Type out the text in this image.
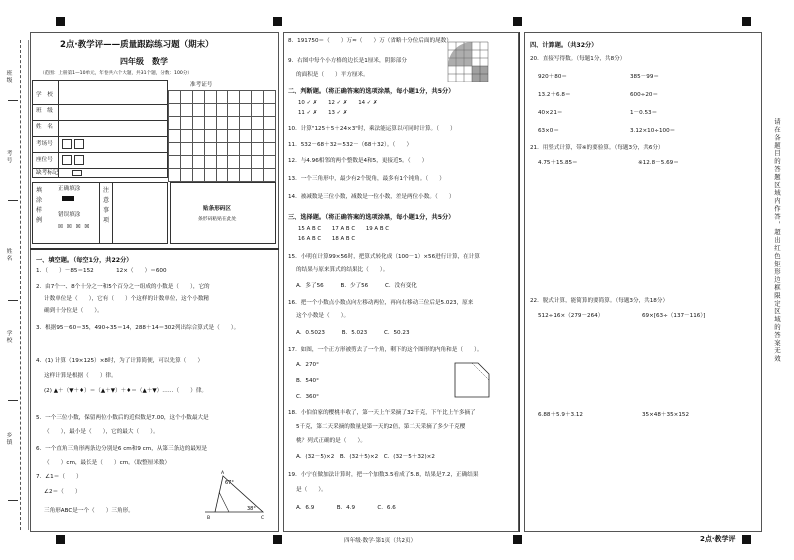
班级
考号
姓名
学校
乡镇
2点·教学评——质量跟踪练习题（期末）
四年级　数学
（范围：上册第1—10单元，年卷共六个大题，共31个题，分数：100分）
学　校
班　级
姓　名
考场号
座位号
缺考标记
准考证号

填涂样例
正确填涂
错误填涂
☒ ☒ ☒ ☒
注意事项
贴条形码区
条形码粘贴在此处
一、填空题。（每空1分，共22分）
1．（　　）－85＝152　　　　12×（　　）＝600
2．由7个一、8个十分之一和5个百分之一组成的小数是（　　），它的
计数单位是（　　），它有（　　）个这样的计数单位，这个小数精
确到十分位是（　　）。
3．根据95－60＝35，490÷35＝14，288＋14＝302列出综合算式是（　　）。
4．(1) 计算（19×125）×8时，为了计算简便，可以先算（　　）
这样计算是根据（　　）律。
(2) ▲＋（▼＋♦）＝（▲＋▼）＋♦＝（▲＋▼）……（　　）律。
5．一个三位小数，保留两位小数后的近似数是7.00，这个小数最大是
（　　），最小是（　　），它的最大（　　）。
6．一个直角三角形两条边分别是6 cm和9 cm，从第三条边的最短是
（　　）cm，最长是（　　）cm。（取整厘米数）
7．∠1＝（　　）
∠2＝（　　）
三角形ABC是一个（　　）三角形。
67°
38°
A
B	C
8．191750＝（　　）万≈（　　）万（省略十分位后面的尾数）
9．右图中每个小方格的边长是1厘米，阴影部分
的面积是（　　）平方厘米。
二、判断题。（将正确答案的选项涂黑，每小题1分，共5分）
10 ✓ ✗　　12 ✓ ✗　　14 ✓ ✗
11 ✓ ✗　　13 ✓ ✗
10．计算"125＋5＋24×3"时，乘法能运算以可同时计算。（　　）
11．532－68＋32＝532－（68＋32）。（　　）
12．与4.96相邻的两个整数是4和5，更接近5。（　　）
13．一个三角形中，最少有2个锐角，最多有1个钝角。（　　）
14．被减数是三位小数，减数是一位小数，差是两位小数。（　　）
三、选择题。（将正确答案的选项涂黑，每小题1分，共5分）
15 A B C　　17 A B C　　19 A B C
16 A B C　　18 A B C
15．小明在计算99×56时，把算式转化成（100－1）×56进行计算，在计算
的结果与原来算式的结果比（　　）。
A．多了56　　　B．少了56　　　C．没有变化
16．把一个小数点小数点向左移动两位，再向右移动三位后是5.023，原来
这个小数是（　　）。
A．0.5023　　　B．5.023　　　C．50.23
17．如图，一个正方形被剪去了一个角，剩下的这个图形的内角和是（　　）。
A．270°
B．540°
C．360°
18．小伯伯家的樱桃丰收了，第一天上午采摘了32千克，下午比上午多摘了
5千克，第二天采摘的数量是第一天的2倍，第二天采摘了多少千克樱
桃？列式正确的是（　　）。
A．(32－5)×2　B．(32＋5)×2　C．(32－5＋32)×2
19．小宁在做加法计算时，把一个加数3.5看成了5.8，结果是7.2，正确结果
是（　　）。
A．6.9　　　　B．4.9　　　　C．6.6
四、计算题。（共32分）
20．直接写得数。（每题1分，共8分）
920＋80＝	385－99＝
13.2＋6.8＝	600÷20＝
40×21＝	1－0.53＝
63×0＝	3.12×10÷100＝
21．用竖式计算，带※的要验算。（每题3分，共6分）
4.75＋15.85＝	※12.8－5.69＝
22．脱式计算，能简算的要简算。（每题3分，共18分）
512÷16×（279－264）	69×[63÷（137－116）]
6.88＋5.9＋3.12	35×48＋35×152
请在各题目的答题区域内作答，超出红色矩形边框限定区域的答案无效
四年级·数学·第1页（共2页）	2点·教学评
